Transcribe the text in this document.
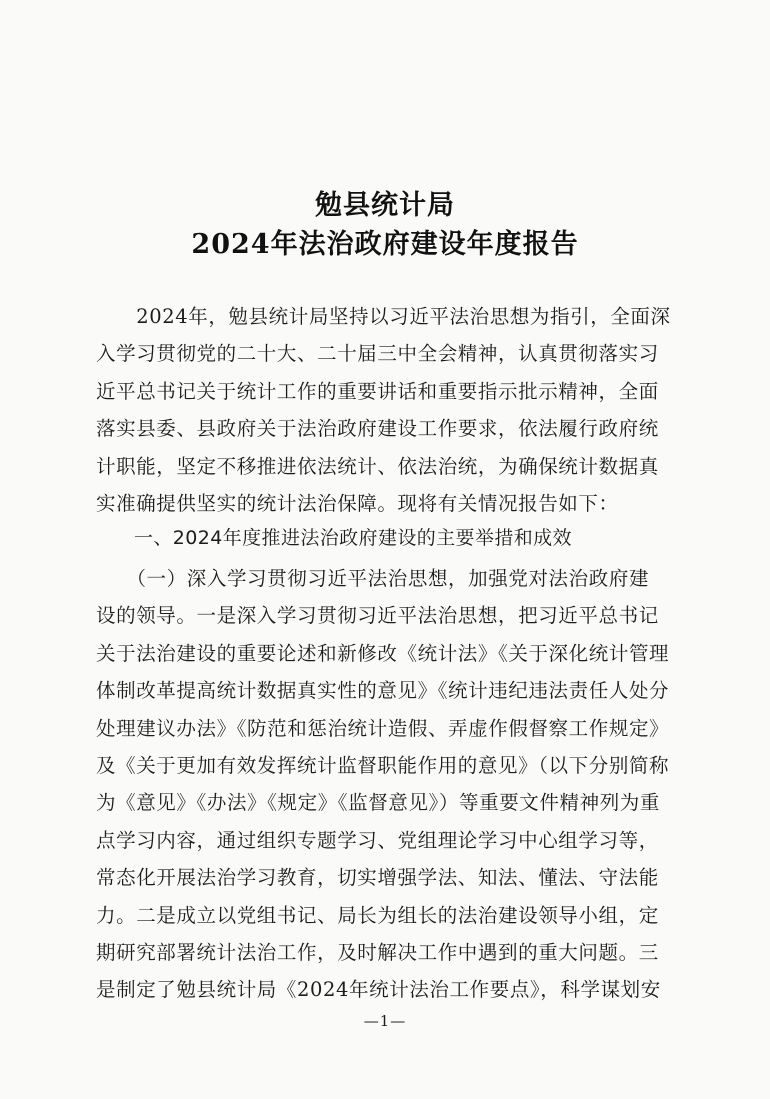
勉县统计局
2024年法治政府建设年度报告
　　2024年，勉县统计局坚持以习近平法治思想为指引，全面深
入学习贯彻党的二十大、二十届三中全会精神，认真贯彻落实习
近平总书记关于统计工作的重要讲话和重要指示批示精神，全面
落实县委、县政府关于法治政府建设工作要求，依法履行政府统
计职能，坚定不移推进依法统计、依法治统，为确保统计数据真
实准确提供坚实的统计法治保障。现将有关情况报告如下：
一、2024年度推进法治政府建设的主要举措和成效
　　（一）深入学习贯彻习近平法治思想，加强党对法治政府建
设的领导。一是深入学习贯彻习近平法治思想，把习近平总书记
关于法治建设的重要论述和新修改《统计法》《关于深化统计管理
体制改革提高统计数据真实性的意见》《统计违纪违法责任人处分
处理建议办法》《防范和惩治统计造假、弄虚作假督察工作规定》
及《关于更加有效发挥统计监督职能作用的意见》（以下分别简称
为《意见》《办法》《规定》《监督意见》）等重要文件精神列为重
点学习内容，通过组织专题学习、党组理论学习中心组学习等，
常态化开展法治学习教育，切实增强学法、知法、懂法、守法能
力。二是成立以党组书记、局长为组长的法治建设领导小组，定
期研究部署统计法治工作，及时解决工作中遇到的重大问题。三
是制定了勉县统计局《2024年统计法治工作要点》，科学谋划安
—1—
